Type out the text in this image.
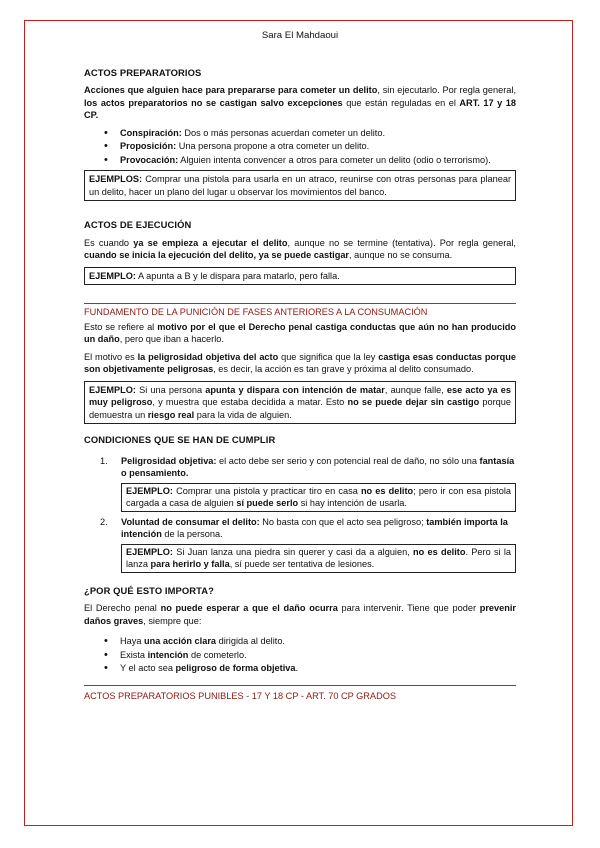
Sara El Mahdaoui
ACTOS PREPARATORIOS

Acciones que alguien hace para prepararse para cometer un delito, sin ejecutarlo. Por regla general, los actos preparatorios no se castigan salvo excepciones que están reguladas en el ART. 17 y 18 CP.

• Conspiración: Dos o más personas acuerdan cometer un delito.
• Proposición: Una persona propone a otra cometer un delito.
• Provocación: Alguien intenta convencer a otros para cometer un delito (odio o terrorismo).
EJEMPLOS: Comprar una pistola para usarla en un atraco, reunirse con otras personas para planear un delito, hacer un plano del lugar u observar los movimientos del banco.
ACTOS DE EJECUCIÓN

Es cuando ya se empieza a ejecutar el delito, aunque no se termine (tentativa). Por regla general, cuando se inicia la ejecución del delito, ya se puede castigar, aunque no se consuma.

EJEMPLO: A apunta a B y le dispara para matarlo, pero falla.
FUNDAMENTO DE LA PUNICIÓN DE FASES ANTERIORES A LA CONSUMACIÓN

Esto se refiere al motivo por el que el Derecho penal castiga conductas que aún no han producido un daño, pero que iban a hacerlo.

El motivo es la peligrosidad objetiva del acto que significa que la ley castiga esas conductas porque son objetivamente peligrosas, es decir, la acción es tan grave y próxima al delito consumado.

EJEMPLO: Si una persona apunta y dispara con intención de matar, aunque falle, ese acto ya es muy peligroso, y muestra que estaba decidida a matar. Esto no se puede dejar sin castigo porque demuestra un riesgo real para la vida de alguien.
CONDICIONES QUE SE HAN DE CUMPLIR
1. Peligrosidad objetiva: el acto debe ser serio y con potencial real de daño, no sólo una fantasía o pensamiento.
EJEMPLO: Comprar una pistola y practicar tiro en casa no es delito; pero ir con esa pistola cargada a casa de alguien sí puede serlo si hay intención de usarla.
2. Voluntad de consumar el delito: No basta con que el acto sea peligroso; también importa la intención de la persona.
EJEMPLO: Si Juan lanza una piedra sin querer y casi da a alguien, no es delito. Pero si la lanza para herirlo y falla, sí puede ser tentativa de lesiones.
¿POR QUÉ ESTO IMPORTA?

El Derecho penal no puede esperar a que el daño ocurra para intervenir. Tiene que poder prevenir daños graves, siempre que:

• Haya una acción clara dirigida al delito.
• Exista intención de cometerlo.
• Y el acto sea peligroso de forma objetiva.
ACTOS PREPARATORIOS PUNIBLES - 17 Y 18 CP - ART. 70 CP GRADOS
